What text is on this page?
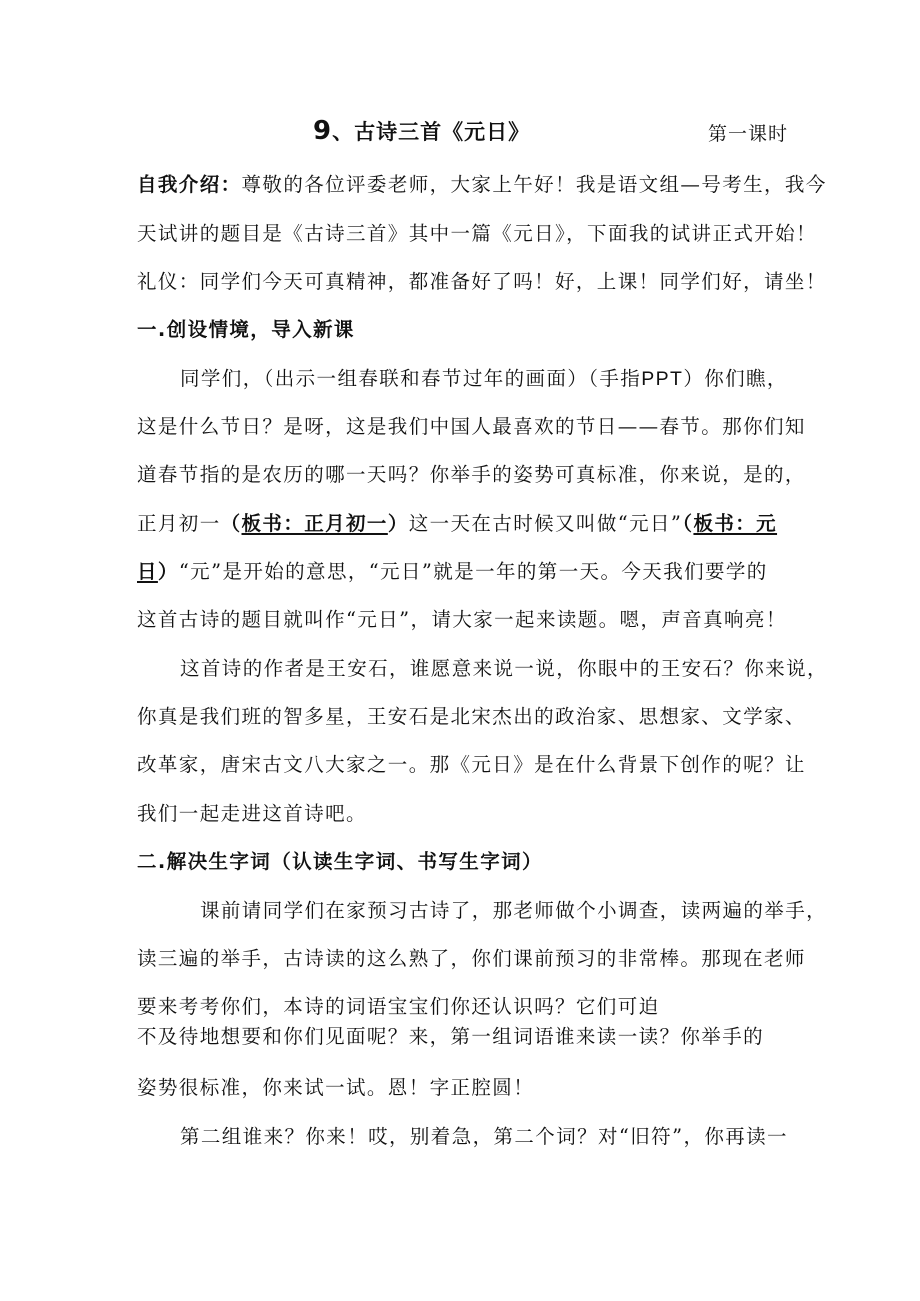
9、古诗三首《元日》	第一课时
自我介绍：尊敬的各位评委老师，大家上午好！我是语文组—号考生，我今
天试讲的题目是《古诗三首》其中一篇《元日》，下面我的试讲正式开始！
礼仪：同学们今天可真精神，都准备好了吗！好，上课！同学们好，请坐！
一.创设情境，导入新课
同学们，（出示一组春联和春节过年的画面）（手指PPT）你们瞧，
这是什么节日？是呀，这是我们中国人最喜欢的节日——春节。那你们知
道春节指的是农历的哪一天吗？你举手的姿势可真标准，你来说，是的，
正月初一（板书：正月初一）这一天在古时候又叫做“元日”（板书：元
日）“元”是开始的意思，“元日”就是一年的第一天。今天我们要学的
这首古诗的题目就叫作“元日”，请大家一起来读题。嗯，声音真响亮！
这首诗的作者是王安石，谁愿意来说一说，你眼中的王安石？你来说，
你真是我们班的智多星，王安石是北宋杰出的政治家、思想家、文学家、
改革家，唐宋古文八大家之一。那《元日》是在什么背景下创作的呢？让
我们一起走进这首诗吧。
二.解决生字词（认读生字词、书写生字词）
课前请同学们在家预习古诗了，那老师做个小调查，读两遍的举手，
读三遍的举手，古诗读的这么熟了，你们课前预习的非常棒。那现在老师
要来考考你们，本诗的词语宝宝们你还认识吗？它们可迫
不及待地想要和你们见面呢？来，第一组词语谁来读一读？你举手的
姿势很标准，你来试一试。恩！字正腔圆！
第二组谁来？你来！哎，别着急，第二个词？对“旧符”，你再读一
